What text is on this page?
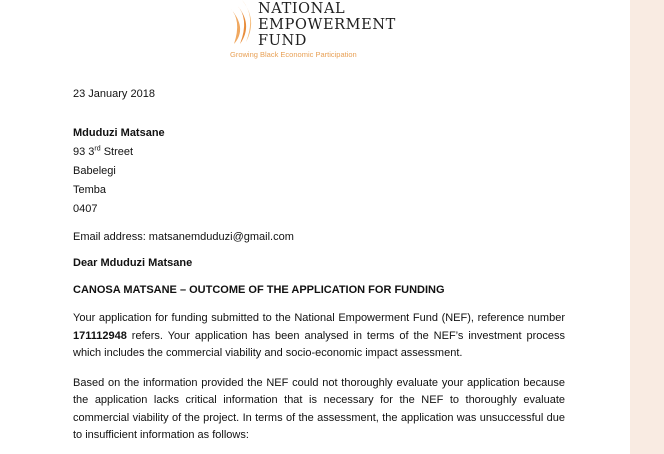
NATIONAL
EMPOWERMENT
FUND
Growing Black Economic Participation

23 January 2018

Mduduzi Matsane

93 3rd Street

Babelegi

Temba

0407

Email address: matsanemduduzi@gmail.com

Dear Mduduzi Matsane

CANOSA MATSANE – OUTCOME OF THE APPLICATION FOR FUNDING

Your application for funding submitted to the National Empowerment Fund (NEF), reference number 171112948 refers. Your application has been analysed in terms of the NEF’s investment process which includes the commercial viability and socio-economic impact assessment.

Based on the information provided the NEF could not thoroughly evaluate your application because the application lacks critical information that is necessary for the NEF to thoroughly evaluate commercial viability of the project. In terms of the assessment, the application was unsuccessful due to insufficient information as follows:
